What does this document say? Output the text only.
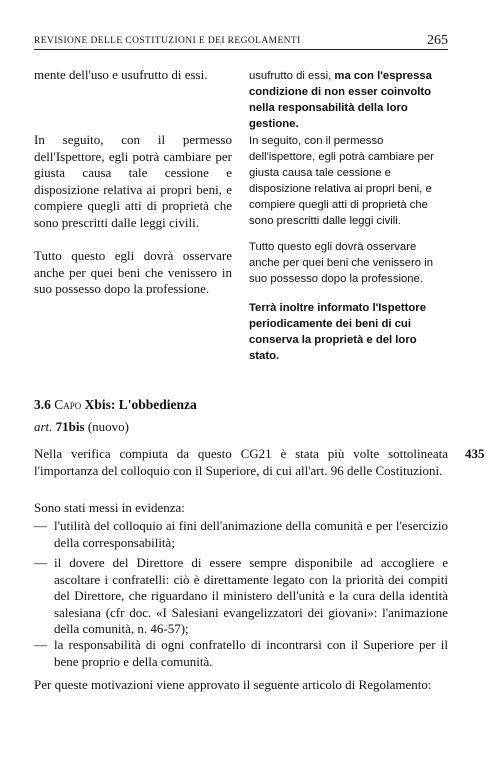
REVISIONE DELLE COSTITUZIONI E DEI REGOLAMENTI	265

mente dell'uso e usufrutto di essi.

In seguito, con il permesso dell'Ispettore, egli potrà cambiare per giusta causa tale cessione e disposizione relativa ai propri beni, e compiere quegli atti di proprietà che sono prescritti dalle leggi civili.

Tutto questo egli dovrà osservare anche per quei beni che venissero in suo possesso dopo la professione.

usufrutto di essi, ma con l'espressa condizione di non esser coinvolto nella responsabilità della loro gestione.

In seguito, con il permesso dell'ispettore, egli potrà cambiare per giusta causa tale cessione e disposizione relativa ai propri beni, e compiere quegli atti di proprietà che sono prescritti dalle leggi civili.

Tutto questo egli dovrà osservare anche per quei beni che venissero in suo possesso dopo la professione.

Terrà inoltre informato l'Ispettore periodicamente dei beni di cui conserva la proprietà e del loro stato.

3.6 Capo Xbis: L'obbedienza
art. 71bis (nuovo)
435

Nella verifica compiuta da questo CG21 è stata più volte sottolineata l'importanza del colloquio con il Superiore, di cui all'art. 96 delle Costituzioni.

Sono stati messi in evidenza:

— l'utilità del colloquio ai fini dell'animazione della comunità e per l'esercizio della corresponsabilità;
— il dovere del Direttore di essere sempre disponibile ad accogliere e ascoltare i confratelli: ciò è direttamente legato con la priorità dei compiti del Direttore, che riguardano il ministero dell'unità e la cura della identità salesiana (cfr doc. «I Salesiani evangelizzatori dei giovani»: l'animazione della comunità, n. 46-57);
— la responsabilità di ogni confratello di incontrarsi con il Superiore per il bene proprio e della comunità.

Per queste motivazioni viene approvato il seguente articolo di Regolamento:
